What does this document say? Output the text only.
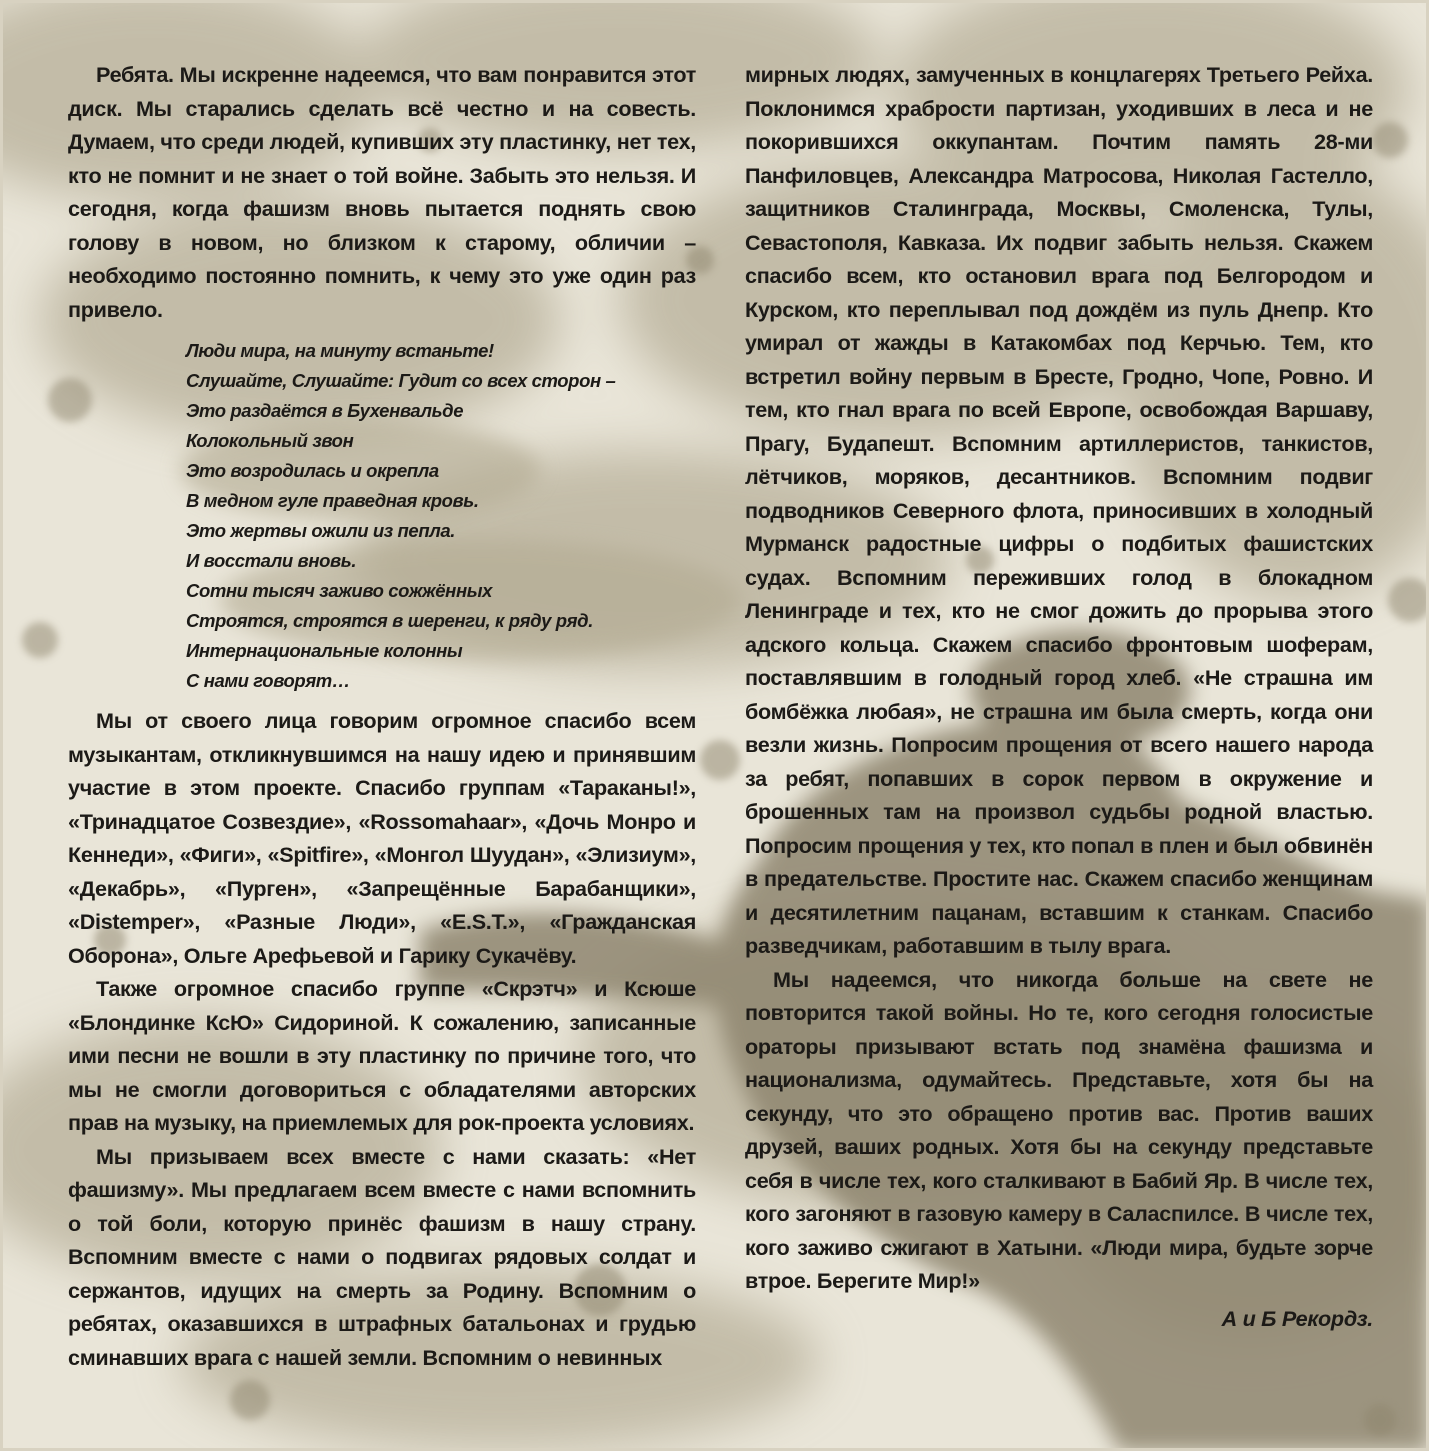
Ребята. Мы искренне надеемся, что вам понравится этот диск. Мы старались сделать всё честно и на совесть. Думаем, что среди людей, купивших эту пластинку, нет тех, кто не помнит и не знает о той войне. Забыть это нельзя. И сегодня, когда фашизм вновь пытается поднять свою голову в новом, но близком к старому, обличии – необходимо постоянно помнить, к чему это уже один раз привело.

Люди мира, на минуту встаньте!
Слушайте, Слушайте: Гудит со всех сторон –
Это раздаётся в Бухенвальде
Колокольный звон
Это возродилась и окрепла
В медном гуле праведная кровь.
Это жертвы ожили из пепла.
И восстали вновь.
Сотни тысяч заживо сожжённых
Строятся, строятся в шеренги, к ряду ряд.
Интернациональные колонны
С нами говорят…

Мы от своего лица говорим огромное спасибо всем музыкантам, откликнувшимся на нашу идею и принявшим участие в этом проекте. Спасибо группам «Тараканы!», «Тринадцатое Созвездие», «Rossomahaar», «Дочь Монро и Кеннеди», «Фиги», «Spitfire», «Монгол Шуудан», «Элизиум», «Декабрь», «Пурген», «Запрещённые Барабанщики», «Distemper», «Разные Люди», «E.S.T.», «Гражданская Оборона», Ольге Арефьевой и Гарику Сукачёву.

Также огромное спасибо группе «Скрэтч» и Ксюше «Блондинке КсЮ» Сидориной. К сожалению, записанные ими песни не вошли в эту пластинку по причине того, что мы не смогли договориться с обладателями авторских прав на музыку, на приемлемых для рок-проекта условиях.

Мы призываем всех вместе с нами сказать: «Нет фашизму». Мы предлагаем всем вместе с нами вспомнить о той боли, которую принёс фашизм в нашу страну. Вспомним вместе с нами о подвигах рядовых солдат и сержантов, идущих на смерть за Родину. Вспомним о ребятах, оказавшихся в штрафных батальонах и грудью сминавших врага с нашей земли. Вспомним о невинных

мирных людях, замученных в концлагерях Третьего Рейха. Поклонимся храбрости партизан, уходивших в леса и не покорившихся оккупантам. Почтим память 28-ми Панфиловцев, Александра Матросова, Николая Гастелло, защитников Сталинграда, Москвы, Смоленска, Тулы, Севастополя, Кавказа. Их подвиг забыть нельзя. Скажем спасибо всем, кто остановил врага под Белгородом и Курском, кто переплывал под дождём из пуль Днепр. Кто умирал от жажды в Катакомбах под Керчью. Тем, кто встретил войну первым в Бресте, Гродно, Чопе, Ровно. И тем, кто гнал врага по всей Европе, освобождая Варшаву, Прагу, Будапешт. Вспомним артиллеристов, танкистов, лётчиков, моряков, десантников. Вспомним подвиг подводников Северного флота, приносивших в холодный Мурманск радостные цифры о подбитых фашистских судах. Вспомним переживших голод в блокадном Ленинграде и тех, кто не смог дожить до прорыва этого адского кольца. Скажем спасибо фронтовым шоферам, поставлявшим в голодный город хлеб. «Не страшна им бомбёжка любая», не страшна им была смерть, когда они везли жизнь. Попросим прощения от всего нашего народа за ребят, попавших в сорок первом в окружение и брошенных там на произвол судьбы родной властью. Попросим прощения у тех, кто попал в плен и был обвинён в предательстве. Простите нас. Скажем спасибо женщинам и десятилетним пацанам, вставшим к станкам. Спасибо разведчикам, работавшим в тылу врага.

Мы надеемся, что никогда больше на свете не повторится такой войны. Но те, кого сегодня голосистые ораторы призывают встать под знамёна фашизма и национализма, одумайтесь. Представьте, хотя бы на секунду, что это обращено против вас. Против ваших друзей, ваших родных. Хотя бы на секунду представьте себя в числе тех, кого сталкивают в Бабий Яр. В числе тех, кого загоняют в газовую камеру в Саласпилсе. В числе тех, кого заживо сжигают в Хатыни. «Люди мира, будьте зорче втрое. Берегите Мир!»

А и Б Рекордз.
